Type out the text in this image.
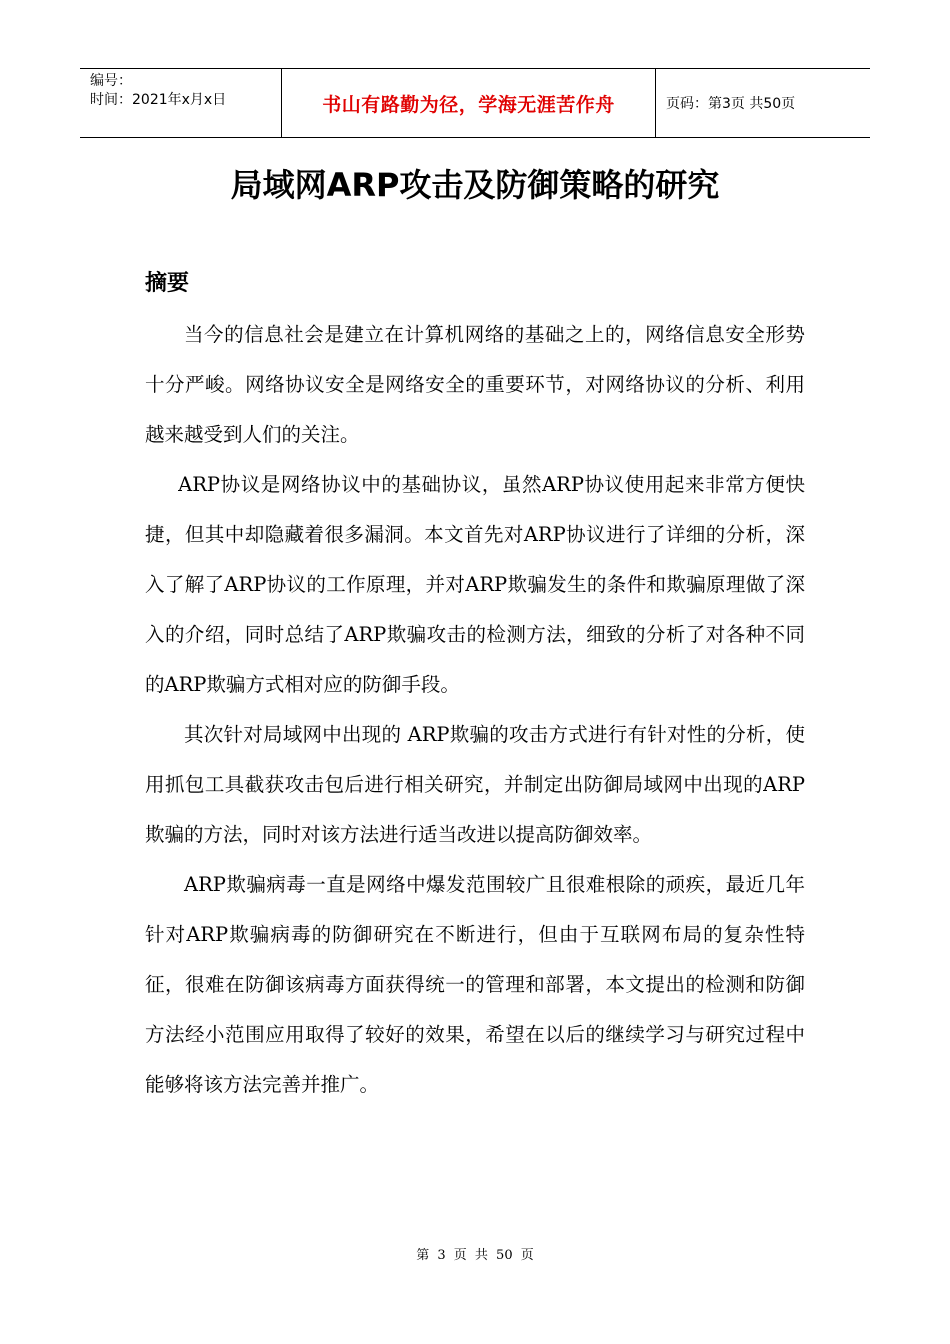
编号：
时间：2021年x月x日	书山有路勤为径，学海无涯苦作舟	页码：第3页 共50页
局域网ARP攻击及防御策略的研究
摘要

当今的信息社会是建立在计算机网络的基础之上的，网络信息安全形势十分严峻。网络协议安全是网络安全的重要环节，对网络协议的分析、利用越来越受到人们的关注。

ARP协议是网络协议中的基础协议，虽然ARP协议使用起来非常方便快捷，但其中却隐藏着很多漏洞。本文首先对ARP协议进行了详细的分析，深入了解了ARP协议的工作原理，并对ARP欺骗发生的条件和欺骗原理做了深入的介绍，同时总结了ARP欺骗攻击的检测方法，细致的分析了对各种不同的ARP欺骗方式相对应的防御手段。

其次针对局域网中出现的 ARP欺骗的攻击方式进行有针对性的分析，使用抓包工具截获攻击包后进行相关研究，并制定出防御局域网中出现的ARP欺骗的方法，同时对该方法进行适当改进以提高防御效率。

ARP欺骗病毒一直是网络中爆发范围较广且很难根除的顽疾，最近几年针对ARP欺骗病毒的防御研究在不断进行，但由于互联网布局的复杂性特征，很难在防御该病毒方面获得统一的管理和部署，本文提出的检测和防御方法经小范围应用取得了较好的效果，希望在以后的继续学习与研究过程中能够将该方法完善并推广。

第 3 页 共 50 页
